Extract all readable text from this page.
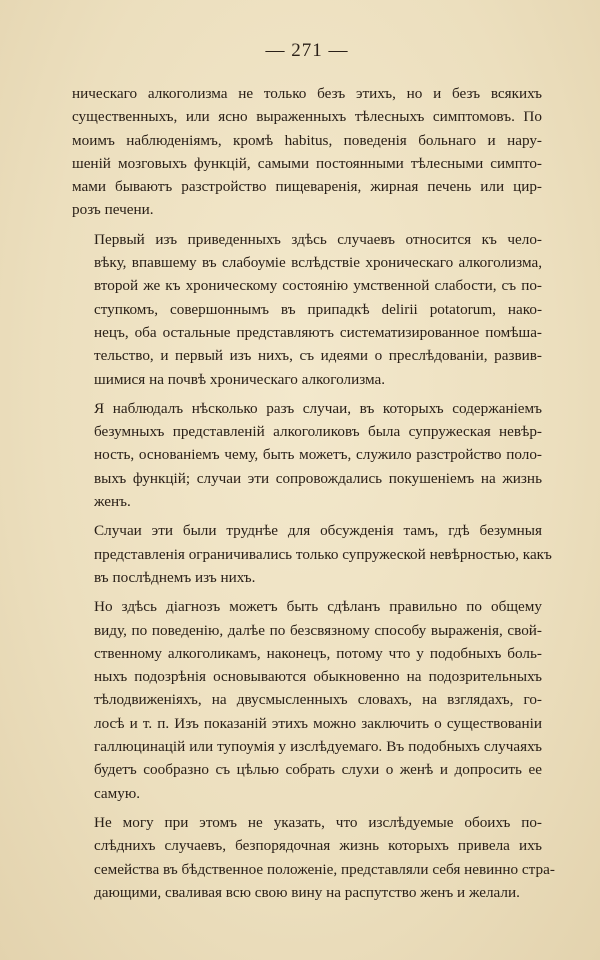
— 271 —

ническаго алкоголизма не только безъ этихъ, но и безъ всякихъ
существенныхъ, или ясно выраженныхъ тѣлесныхъ симптомовъ. По
моимъ наблюденіямъ, кромѣ habitus, поведенія больнаго и нару-
шеній мозговыхъ функцій, самыми постоянными тѣлесными симпто-
мами бываютъ разстройство пищеваренія, жирная печень или цир-
розъ печени.

Первый изъ приведенныхъ здѣсь случаевъ относится къ чело-
вѣку, впавшему въ слабоуміе вслѣдствіе хроническаго алкоголизма,
второй же къ хроническому состоянію умственной слабости, съ по-
ступкомъ, совершоннымъ въ припадкѣ delirii potatorum, нако-
нецъ, оба остальные представляютъ систематизированное помѣша-
тельство, и первый изъ нихъ, съ идеями о преслѣдованіи, развив-
шимися на почвѣ хроническаго алкоголизма.

Я наблюдалъ нѣсколько разъ случаи, въ которыхъ содержаніемъ
безумныхъ представленій алкоголиковъ была супружеская невѣр-
ность, основаніемъ чему, быть можетъ, служило разстройство поло-
выхъ функцій; случаи эти сопровождались покушеніемъ на жизнь
женъ.

Случаи эти были труднѣе для обсужденія тамъ, гдѣ безумныя
представленія ограничивались только супружеской невѣрностью, какъ
въ послѣднемъ изъ нихъ.

Но здѣсь діагнозъ можетъ быть сдѣланъ правильно по общему
виду, по поведенію, далѣе по безсвязному способу выраженія, свой-
ственному алкоголикамъ, наконецъ, потому что у подобныхъ боль-
ныхъ подозрѣнія основываются обыкновенно на подозрительныхъ
тѣлодвиженіяхъ, на двусмысленныхъ словахъ, на взглядахъ, го-
лосѣ и т. п. Изъ показаній этихъ можно заключить о существованіи
галлюцинацій или тупоумія у изслѣдуемаго. Въ подобныхъ случаяхъ
будетъ сообразно съ цѣлью собрать слухи о женѣ и допросить ее
самую.

Не могу при этомъ не указать, что изслѣдуемые обоихъ по-
слѣднихъ случаевъ, безпорядочная жизнь которыхъ привела ихъ
семейства въ бѣдственное положеніе, представляли себя невинно стра-
дающими, сваливая всю свою вину на распутство женъ и желали.
